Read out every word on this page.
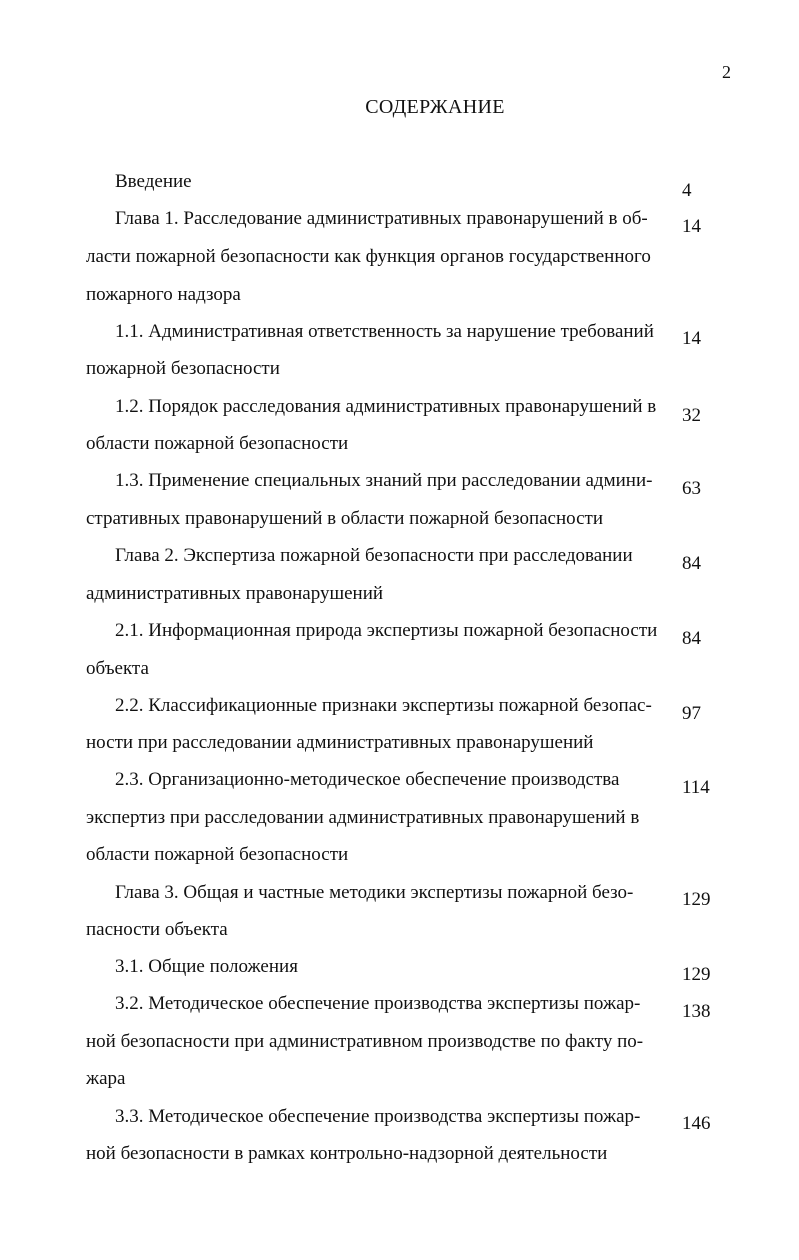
2
СОДЕРЖАНИЕ
Введение	4
Глава 1. Расследование административных правонарушений в об-
ласти пожарной безопасности как функция органов государственного
пожарного надзора
14
1.1. Административная ответственность за нарушение требований
пожарной безопасности
14
1.2. Порядок расследования административных правонарушений в
области пожарной безопасности
32
1.3. Применение специальных знаний при расследовании админи-
стративных правонарушений в области пожарной безопасности
63
Глава 2. Экспертиза пожарной безопасности при расследовании
административных правонарушений
84
2.1. Информационная природа экспертизы пожарной безопасности
объекта
84
2.2. Классификационные признаки экспертизы пожарной безопас-
ности при расследовании административных правонарушений
97
2.3. Организационно-методическое обеспечение производства
экспертиз при расследовании административных правонарушений в
области пожарной безопасности
114
Глава 3. Общая и частные методики экспертизы пожарной безо-
пасности объекта
129
3.1. Общие положения	129
3.2. Методическое обеспечение производства экспертизы пожар-
ной безопасности при административном производстве по факту по-
жара
138
3.3. Методическое обеспечение производства экспертизы пожар-
ной безопасности в рамках контрольно-надзорной деятельности
146
